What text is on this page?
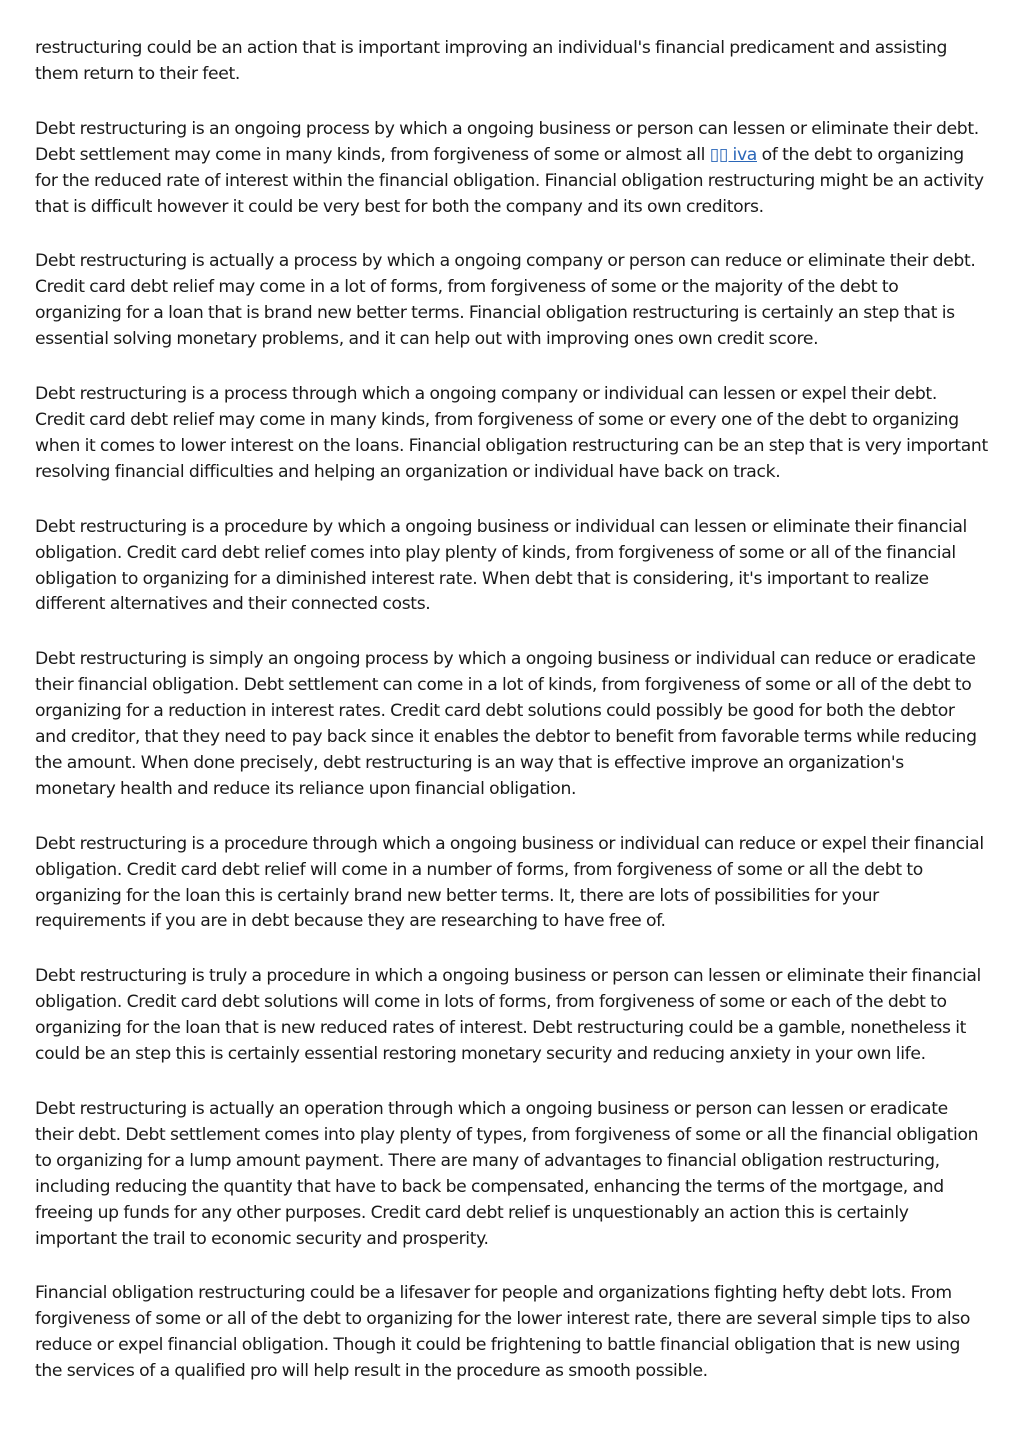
restructuring could be an action that is important improving an individual's financial predicament and assisting them return to their feet.

Debt restructuring is an ongoing process by which a ongoing business or person can lessen or eliminate their debt. Debt settlement may come in many kinds, from forgiveness of some or almost all ▯▯ iva of the debt to organizing for the reduced rate of interest within the financial obligation. Financial obligation restructuring might be an activity that is difficult however it could be very best for both the company and its own creditors.

Debt restructuring is actually a process by which a ongoing company or person can reduce or eliminate their debt. Credit card debt relief may come in a lot of forms, from forgiveness of some or the majority of the debt to organizing for a loan that is brand new better terms. Financial obligation restructuring is certainly an step that is essential solving monetary problems, and it can help out with improving ones own credit score.

Debt restructuring is a process through which a ongoing company or individual can lessen or expel their debt. Credit card debt relief may come in many kinds, from forgiveness of some or every one of the debt to organizing when it comes to lower interest on the loans. Financial obligation restructuring can be an step that is very important resolving financial difficulties and helping an organization or individual have back on track.

Debt restructuring is a procedure by which a ongoing business or individual can lessen or eliminate their financial obligation. Credit card debt relief comes into play plenty of kinds, from forgiveness of some or all of the financial obligation to organizing for a diminished interest rate. When debt that is considering, it's important to realize different alternatives and their connected costs.

Debt restructuring is simply an ongoing process by which a ongoing business or individual can reduce or eradicate their financial obligation. Debt settlement can come in a lot of kinds, from forgiveness of some or all of the debt to organizing for a reduction in interest rates. Credit card debt solutions could possibly be good for both the debtor and creditor, that they need to pay back since it enables the debtor to benefit from favorable terms while reducing the amount. When done precisely, debt restructuring is an way that is effective improve an organization's monetary health and reduce its reliance upon financial obligation.

Debt restructuring is a procedure through which a ongoing business or individual can reduce or expel their financial obligation. Credit card debt relief will come in a number of forms, from forgiveness of some or all the debt to organizing for the loan this is certainly brand new better terms. It, there are lots of possibilities for your requirements if you are in debt because they are researching to have free of.

Debt restructuring is truly a procedure in which a ongoing business or person can lessen or eliminate their financial obligation. Credit card debt solutions will come in lots of forms, from forgiveness of some or each of the debt to organizing for the loan that is new reduced rates of interest. Debt restructuring could be a gamble, nonetheless it could be an step this is certainly essential restoring monetary security and reducing anxiety in your own life.

Debt restructuring is actually an operation through which a ongoing business or person can lessen or eradicate their debt. Debt settlement comes into play plenty of types, from forgiveness of some or all the financial obligation to organizing for a lump amount payment. There are many of advantages to financial obligation restructuring, including reducing the quantity that have to back be compensated, enhancing the terms of the mortgage, and freeing up funds for any other purposes. Credit card debt relief is unquestionably an action this is certainly important the trail to economic security and prosperity.

Financial obligation restructuring could be a lifesaver for people and organizations fighting hefty debt lots. From forgiveness of some or all of the debt to organizing for the lower interest rate, there are several simple tips to also reduce or expel financial obligation. Though it could be frightening to battle financial obligation that is new using the services of a qualified pro will help result in the procedure as smooth possible.
